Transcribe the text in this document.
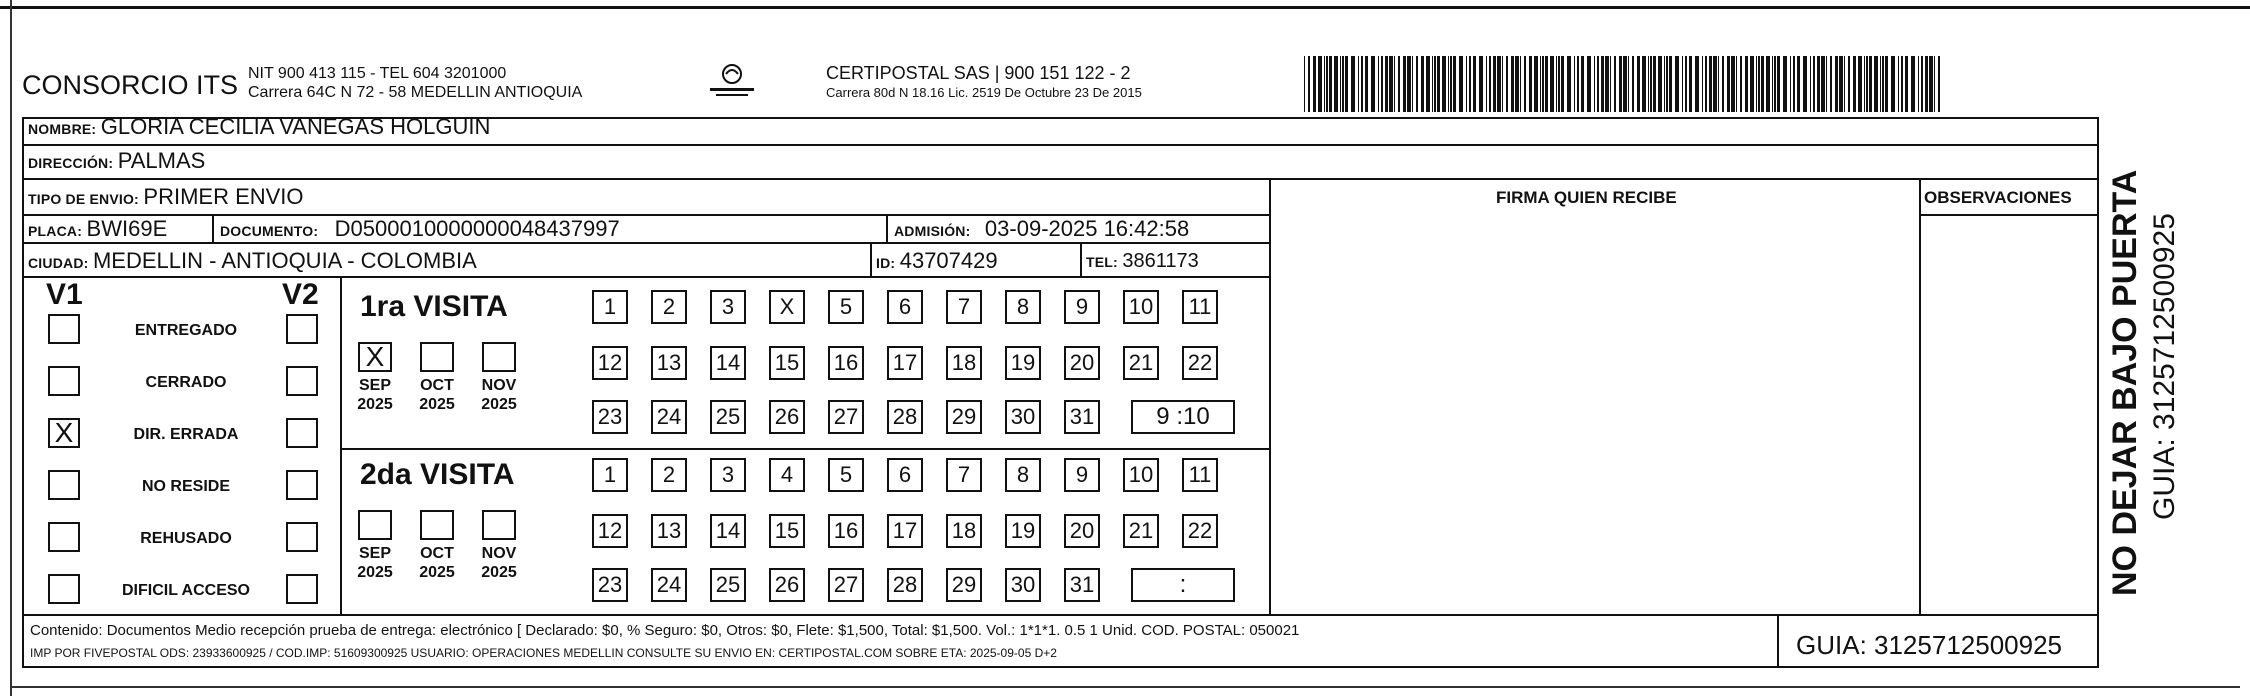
CONSORCIO ITS NIT 900 413 115 - TEL 604 3201000
Carrera 64C N 72 - 58 MEDELLIN ANTIOQUIA
CERTIPOSTAL SAS | 900 151 122 - 2
Carrera 80d N 18.16 Lic. 2519 De Octubre 23 De 2015
NOMBRE: GLORIA CECILIA VANEGAS HOLGUIN
DIRECCIÓN: PALMAS
TIPO DE ENVIO: PRIMER ENVIO	FIRMA QUIEN RECIBE	OBSERVACIONES
PLACA: BWI69E	DOCUMENTO: D0500010000000048437997	ADMISIÓN: 03-09-2025 16:42:58
CIUDAD: MEDELLIN - ANTIOQUIA - COLOMBIA	ID: 43707429	TEL: 3861173
V1	V2
ENTREGADO
CERRADO
X	DIR. ERRADA
NO RESIDE
REHUSADO
DIFICIL ACCESO
1ra VISITA
X
SEP
2025
OCT
2025
NOV
2025
1	2	3	X	5	6	7	8	9	10 11
12 13 14 15 16 17 18 19 20 21 22
23 24 25 26 27 28 29 30 31	9 :10
2da VISITA
SEP
2025
OCT
2025
NOV
2025
1	2	3	4	5	6	7	8	9	10 11
12 13 14 15 16 17 18 19 20 21 22
23 24 25 26 27 28 29 30 31	:
Contenido: Documentos Medio recepción prueba de entrega: electrónico [ Declarado: $0, % Seguro: $0, Otros: $0, Flete: $1,500, Total: $1,500. Vol.: 1*1*1. 0.5 1 Unid. COD. POSTAL: 050021
IMP POR FIVEPOSTAL ODS: 23933600925 / COD.IMP: 51609300925 USUARIO: OPERACIONES MEDELLIN CONSULTE SU ENVIO EN: CERTIPOSTAL.COM SOBRE ETA: 2025-09-05 D+2	GUIA: 3125712500925
NO DEJAR BAJO PUERTA GUIA: 3125712500925
